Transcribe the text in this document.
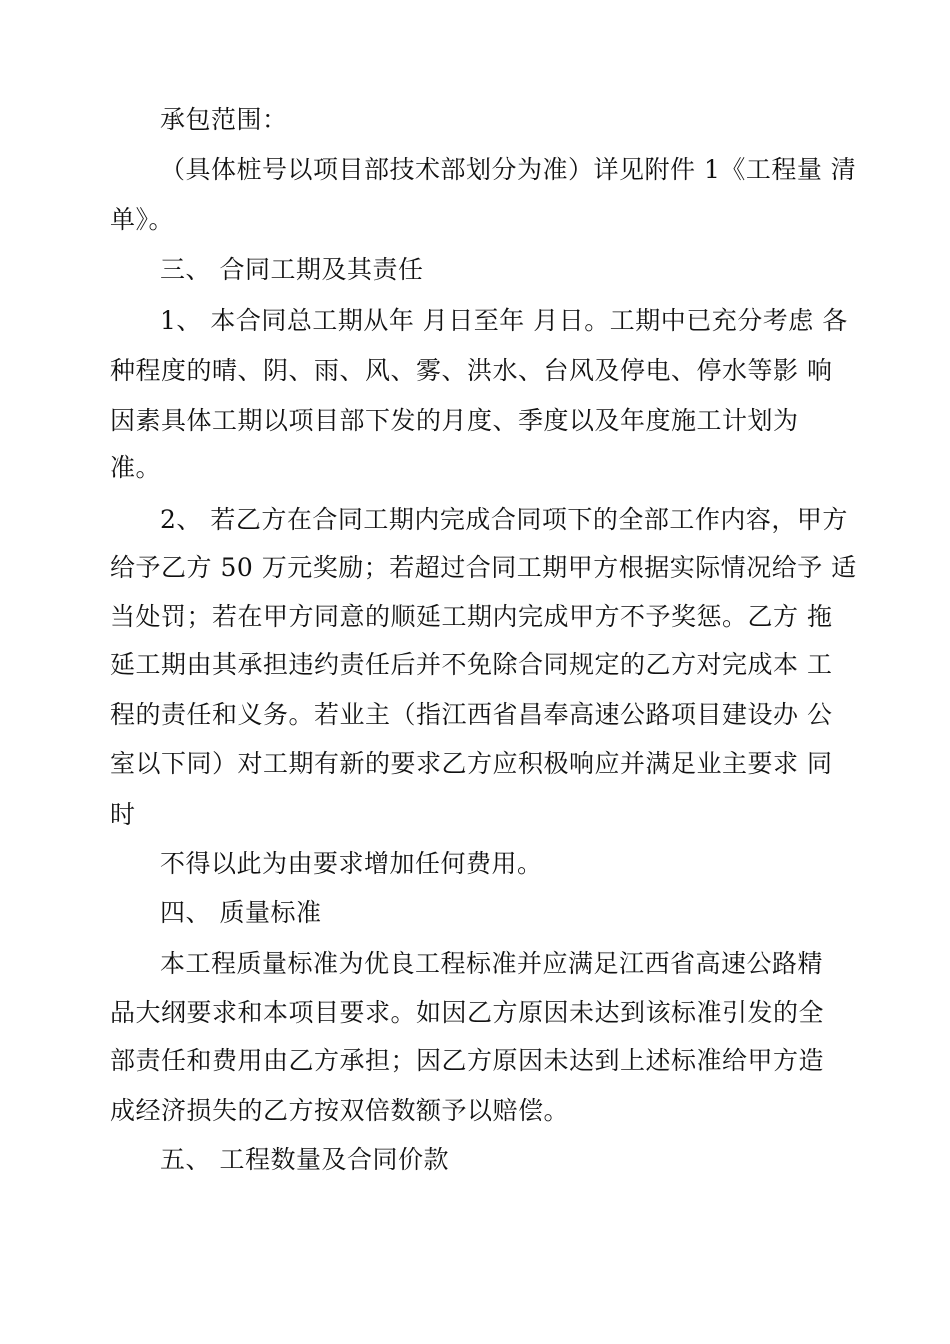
承包范围：

（具体桩号以项目部技术部划分为准）详见附件 1《工程量 清

单》。

三、 合同工期及其责任

1、 本合同总工期从年 月日至年 月日。工期中已充分考虑 各

种程度的晴、阴、雨、风、雾、洪水、台风及停电、停水等影 响

因素具体工期以项目部下发的月度、季度以及年度施工计划为

准。

2、 若乙方在合同工期内完成合同项下的全部工作内容，甲方

给予乙方 50 万元奖励；若超过合同工期甲方根据实际情况给予 适

当处罚；若在甲方同意的顺延工期内完成甲方不予奖惩。乙方 拖

延工期由其承担违约责任后并不免除合同规定的乙方对完成本 工

程的责任和义务。若业主（指江西省昌奉高速公路项目建设办 公

室以下同）对工期有新的要求乙方应积极响应并满足业主要求 同

时

不得以此为由要求增加任何费用。

四、 质量标准

本工程质量标准为优良工程标准并应满足江西省高速公路精

品大纲要求和本项目要求。如因乙方原因未达到该标准引发的全

部责任和费用由乙方承担；因乙方原因未达到上述标准给甲方造

成经济损失的乙方按双倍数额予以赔偿。

五、 工程数量及合同价款
